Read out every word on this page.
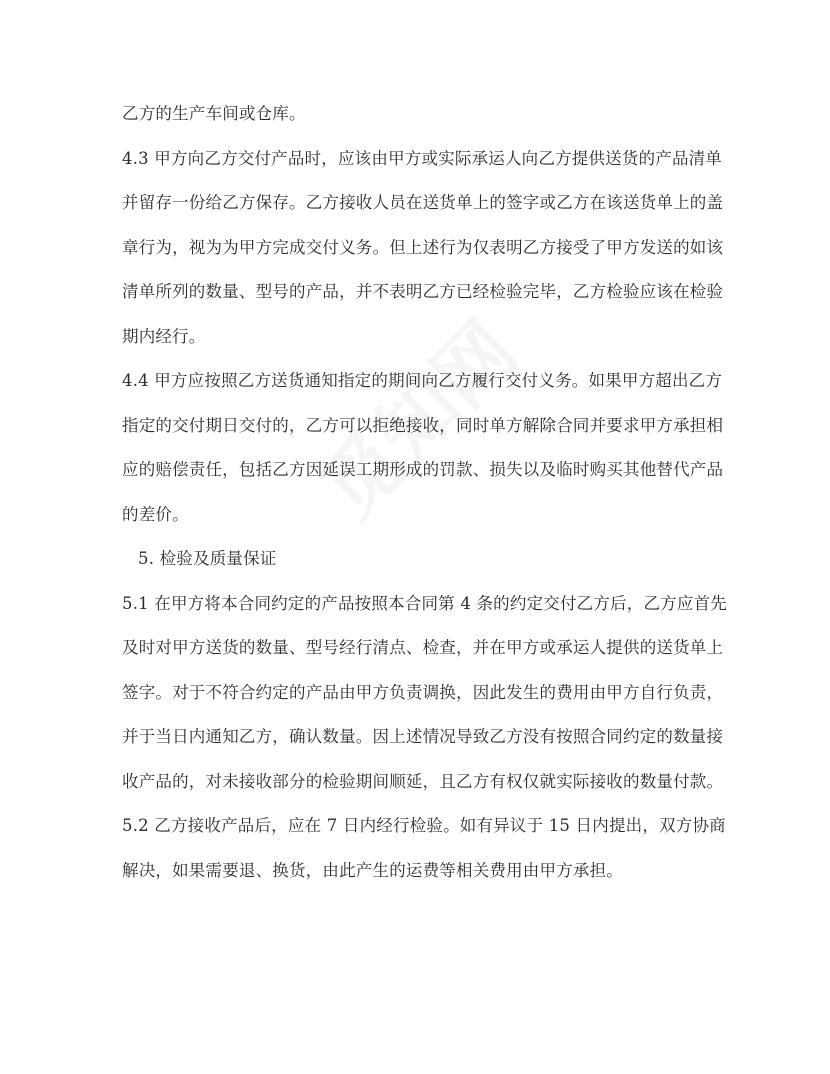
乙方的生产车间或仓库。
4.3 甲方向乙方交付产品时，应该由甲方或实际承运人向乙方提供送货的产品清单
并留存一份给乙方保存。乙方接收人员在送货单上的签字或乙方在该送货单上的盖
章行为，视为为甲方完成交付义务。但上述行为仅表明乙方接受了甲方发送的如该
清单所列的数量、型号的产品，并不表明乙方已经检验完毕，乙方检验应该在检验
期内经行。
4.4 甲方应按照乙方送货通知指定的期间向乙方履行交付义务。如果甲方超出乙方
指定的交付期日交付的，乙方可以拒绝接收，同时单方解除合同并要求甲方承担相
应的赔偿责任，包括乙方因延误工期形成的罚款、损失以及临时购买其他替代产品
的差价。
5. 检验及质量保证
5.1 在甲方将本合同约定的产品按照本合同第 4 条的约定交付乙方后，乙方应首先
及时对甲方送货的数量、型号经行清点、检查，并在甲方或承运人提供的送货单上
签字。对于不符合约定的产品由甲方负责调换，因此发生的费用由甲方自行负责，
并于当日内通知乙方，确认数量。因上述情况导致乙方没有按照合同约定的数量接
收产品的，对未接收部分的检验期间顺延，且乙方有权仅就实际接收的数量付款。
5.2 乙方接收产品后，应在 7 日内经行检验。如有异议于 15 日内提出，双方协商
解决，如果需要退、换货，由此产生的运费等相关费用由甲方承担。
